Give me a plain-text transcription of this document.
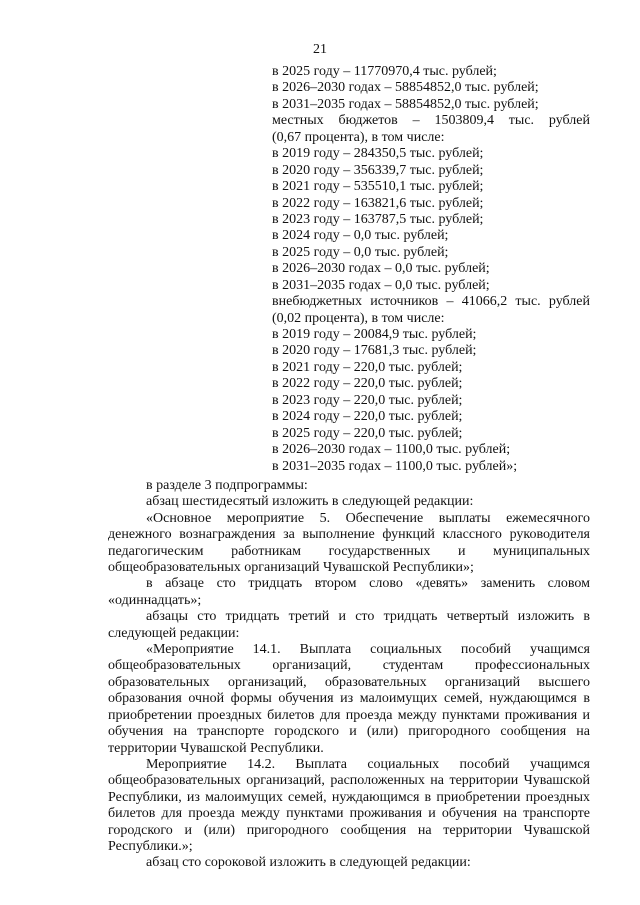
21
в 2025 году – 11770970,4 тыс. рублей;
в 2026–2030 годах – 58854852,0 тыс. рублей;
в 2031–2035 годах – 58854852,0 тыс. рублей;
местных бюджетов – 1503809,4 тыс. рублей
(0,67 процента), в том числе:
в 2019 году – 284350,5 тыс. рублей;
в 2020 году – 356339,7 тыс. рублей;
в 2021 году – 535510,1 тыс. рублей;
в 2022 году – 163821,6 тыс. рублей;
в 2023 году – 163787,5 тыс. рублей;
в 2024 году – 0,0 тыс. рублей;
в 2025 году – 0,0 тыс. рублей;
в 2026–2030 годах – 0,0 тыс. рублей;
в 2031–2035 годах – 0,0 тыс. рублей;
внебюджетных источников – 41066,2 тыс. рублей
(0,02 процента), в том числе:
в 2019 году – 20084,9 тыс. рублей;
в 2020 году – 17681,3 тыс. рублей;
в 2021 году – 220,0 тыс. рублей;
в 2022 году – 220,0 тыс. рублей;
в 2023 году – 220,0 тыс. рублей;
в 2024 году – 220,0 тыс. рублей;
в 2025 году – 220,0 тыс. рублей;
в 2026–2030 годах – 1100,0 тыс. рублей;
в 2031–2035 годах – 1100,0 тыс. рублей»;

в разделе 3 подпрограммы:

абзац шестидесятый изложить в следующей редакции:

«Основное мероприятие 5. Обеспечение выплаты ежемесячного денежного вознаграждения за выполнение функций классного руководителя педагогическим работникам государственных и муниципальных общеобразовательных организаций Чувашской Республики»;

в абзаце сто тридцать втором слово «девять» заменить словом «одиннадцать»;

абзацы сто тридцать третий и сто тридцать четвертый изложить в следующей редакции:

«Мероприятие 14.1. Выплата социальных пособий учащимся общеобразовательных организаций, студентам профессиональных образовательных организаций, образовательных организаций высшего образования очной формы обучения из малоимущих семей, нуждающимся в приобретении проездных билетов для проезда между пунктами проживания и обучения на транспорте городского и (или) пригородного сообщения на территории Чувашской Республики.

Мероприятие 14.2. Выплата социальных пособий учащимся общеобразовательных организаций, расположенных на территории Чувашской Республики, из малоимущих семей, нуждающимся в приобретении проездных билетов для проезда между пунктами проживания и обучения на транспорте городского и (или) пригородного сообщения на территории Чувашской Республики.»;

абзац сто сороковой изложить в следующей редакции:
